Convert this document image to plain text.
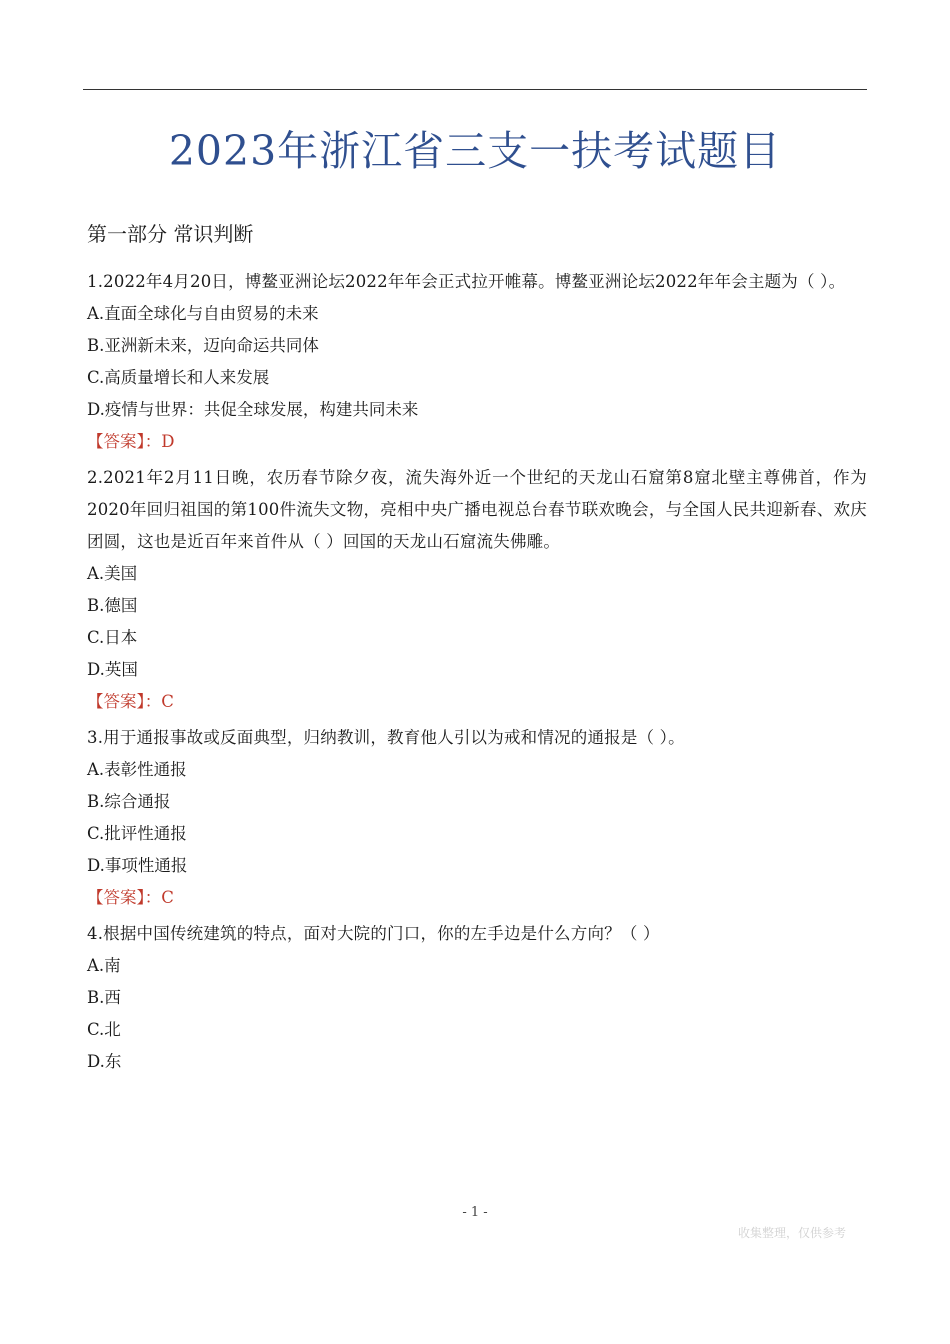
2023年浙江省三支一扶考试题目
第一部分 常识判断
1.2022年4月20日，博鳌亚洲论坛2022年年会正式拉开帷幕。博鳌亚洲论坛2022年年会主题为（ ）。
A.直面全球化与自由贸易的未来
B.亚洲新未来，迈向命运共同体
C.高质量增长和人来发展
D.疫情与世界：共促全球发展，构建共同未来
【答案】：D
2.2021年2月11日晚，农历春节除夕夜，流失海外近一个世纪的天龙山石窟第8窟北壁主尊佛首，作为2020年回归祖国的第100件流失文物，亮相中央广播电视总台春节联欢晚会，与全国人民共迎新春、欢庆团圆，这也是近百年来首件从（ ）回国的天龙山石窟流失佛雕。
A.美国
B.德国
C.日本
D.英国
【答案】：C
3.用于通报事故或反面典型，归纳教训，教育他人引以为戒和情况的通报是（ ）。
A.表彰性通报
B.综合通报
C.批评性通报
D.事项性通报
【答案】：C
4.根据中国传统建筑的特点，面对大院的门口，你的左手边是什么方向？（ ）
A.南
B.西
C.北
D.东
- 1 -
收集整理，仅供参考
